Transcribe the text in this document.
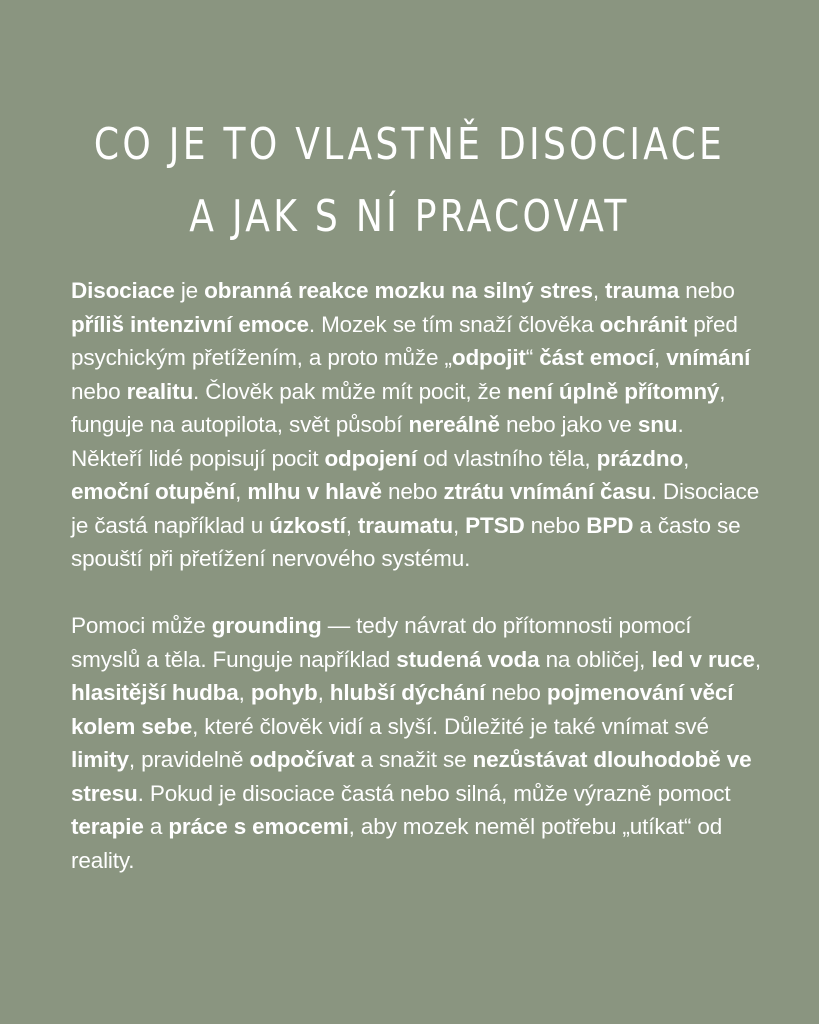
CO JE TO VLASTNĚ DISOCIACE
A JAK S NÍ PRACOVAT

Disociace je obranná reakce mozku na silný stres, trauma nebo příliš intenzivní emoce. Mozek se tím snaží člověka ochránit před psychickým přetížením, a proto může „odpojit“ část emocí, vnímání nebo realitu. Člověk pak může mít pocit, že není úplně přítomný, funguje na autopilota, svět působí nereálně nebo jako ve snu. Někteří lidé popisují pocit odpojení od vlastního těla, prázdno, emoční otupění, mlhu v hlavě nebo ztrátu vnímání času. Disociace je častá například u úzkostí, traumatu, PTSD nebo BPD a často se spouští při přetížení nervového systému.

Pomoci může grounding — tedy návrat do přítomnosti pomocí smyslů a těla. Funguje například studená voda na obličej, led v ruce, hlasitější hudba, pohyb, hlubší dýchání nebo pojmenování věcí kolem sebe, které člověk vidí a slyší. Důležité je také vnímat své limity, pravidelně odpočívat a snažit se nezůstávat dlouhodobě ve stresu. Pokud je disociace častá nebo silná, může výrazně pomoct terapie a práce s emocemi, aby mozek neměl potřebu „utíkat“ od reality.
